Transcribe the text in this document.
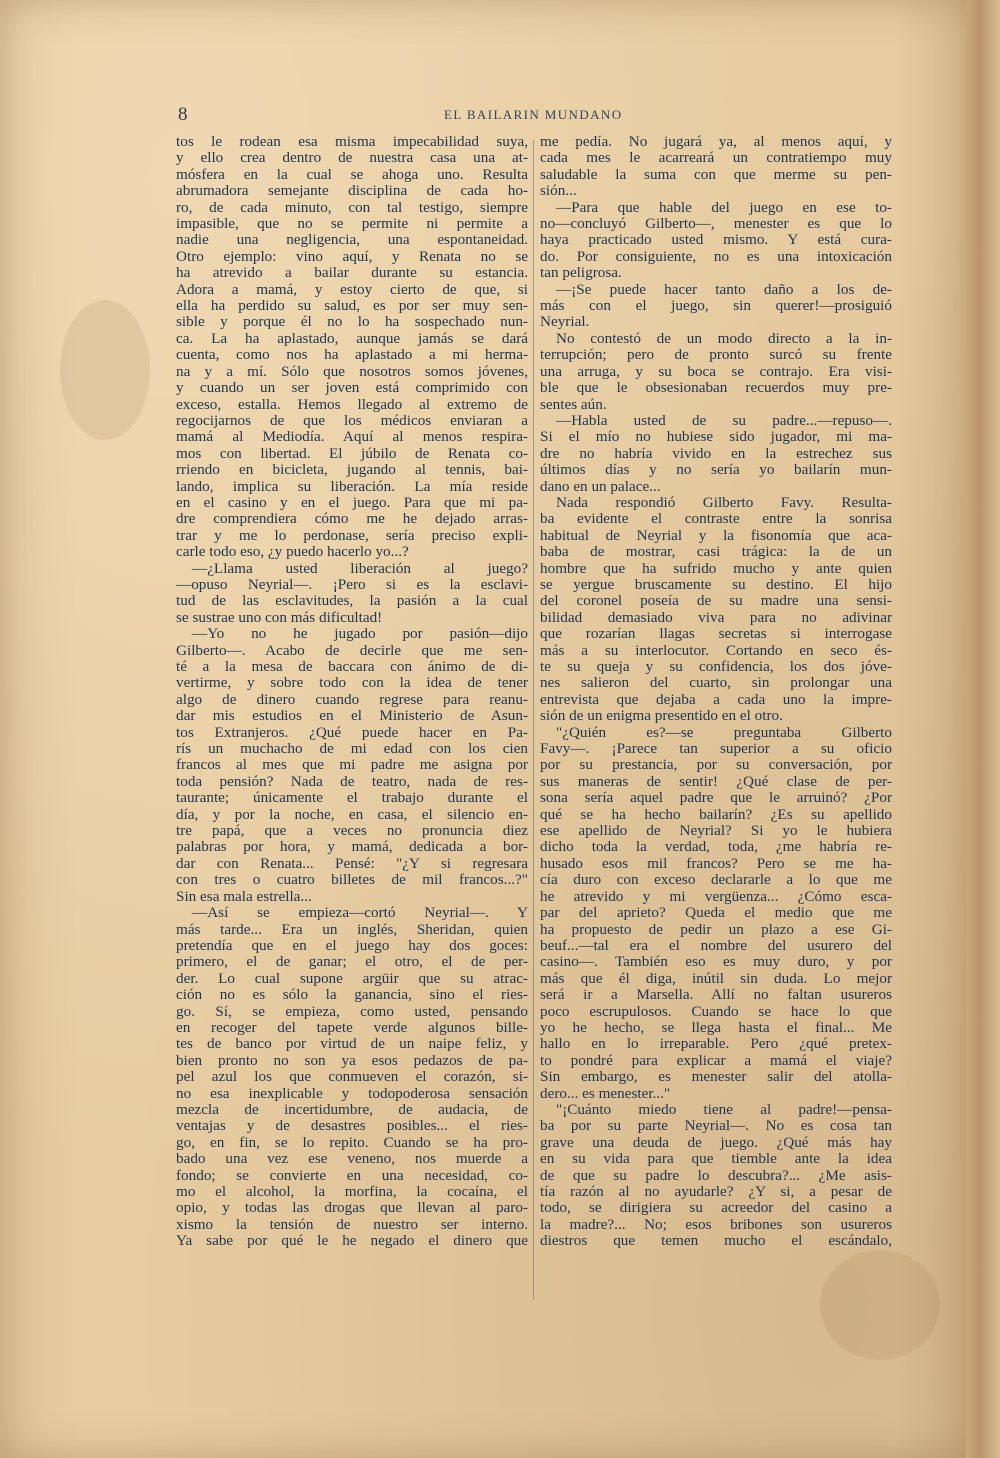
8	EL BAILARIN MUNDANO

tos le rodean esa misma impecabilidad suya,

y ello crea dentro de nuestra casa una at-

mósfera en la cual se ahoga uno. Resulta

abrumadora semejante disciplina de cada ho-

ro, de cada minuto, con tal testigo, siempre

impasible, que no se permite ni permite a

nadie una negligencia, una espontaneidad.

Otro ejemplo: vino aquí, y Renata no se

ha atrevido a bailar durante su estancia.

Adora a mamá, y estoy cierto de que, si

ella ha perdido su salud, es por ser muy sen-

sible y porque él no lo ha sospechado nun-

ca. La ha aplastado, aunque jamás se dará

cuenta, como nos ha aplastado a mi herma-

na y a mí. Sólo que nosotros somos jóvenes,

y cuando un ser joven está comprimido con

exceso, estalla. Hemos llegado al extremo de

regocijarnos de que los médicos enviaran a

mamá al Mediodía. Aquí al menos respira-

mos con libertad. El júbilo de Renata co-

rriendo en bicicleta, jugando al tennis, bai-

lando, implica su liberación. La mía reside

en el casino y en el juego. Para que mi pa-

dre comprendiera cómo me he dejado arras-

trar y me lo perdonase, sería preciso expli-

carle todo eso, ¿y puedo hacerlo yo...?

—¿Llama usted liberación al juego?

—opuso Neyrial—. ¡Pero si es la esclavi-

tud de las esclavitudes, la pasión a la cual

se sustrae uno con más dificultad!

—Yo no he jugado por pasión—dijo

Gilberto—. Acabo de decirle que me sen-

té a la mesa de baccara con ánimo de di-

vertirme, y sobre todo con la idea de tener

algo de dinero cuando regrese para reanu-

dar mis estudios en el Ministerio de Asun-

tos Extranjeros. ¿Qué puede hacer en Pa-

rís un muchacho de mi edad con los cien

francos al mes que mi padre me asigna por

toda pensión? Nada de teatro, nada de res-

taurante; únicamente el trabajo durante el

día, y por la noche, en casa, el silencio en-

tre papá, que a veces no pronuncia diez

palabras por hora, y mamá, dedicada a bor-

dar con Renata... Pensé: "¿Y si regresara

con tres o cuatro billetes de mil francos...?"

Sin esa mala estrella...

—Así se empieza—cortó Neyrial—. Y

más tarde... Era un inglés, Sheridan, quien

pretendía que en el juego hay dos goces:

primero, el de ganar; el otro, el de per-

der. Lo cual supone argüir que su atrac-

ción no es sólo la ganancia, sino el ries-

go. Sí, se empieza, como usted, pensando

en recoger del tapete verde algunos bille-

tes de banco por virtud de un naipe feliz, y

bien pronto no son ya esos pedazos de pa-

pel azul los que conmueven el corazón, si-

no esa inexplicable y todopoderosa sensación

mezcla de incertidumbre, de audacia, de

ventajas y de desastres posibles... el ries-

go, en fin, se lo repito. Cuando se ha pro-

bado una vez ese veneno, nos muerde a

fondo; se convierte en una necesidad, co-

mo el alcohol, la morfina, la cocaína, el

opio, y todas las drogas que llevan al paro-

xismo la tensión de nuestro ser interno.

Ya sabe por qué le he negado el dinero que

me pedía. No jugará ya, al menos aquí, y

cada mes le acarreará un contratiempo muy

saludable la suma con que merme su pen-

sión...

—Para que hable del juego en ese to-

no—concluyó Gilberto—, menester es que lo

haya practicado usted mismo. Y está cura-

do. Por consiguiente, no es una intoxicación

tan peligrosa.

—¡Se puede hacer tanto daño a los de-

más con el juego, sin querer!—prosiguió

Neyrial.

No contestó de un modo directo a la in-

terrupción; pero de pronto surcó su frente

una arruga, y su boca se contrajo. Era visi-

ble que le obsesionaban recuerdos muy pre-

sentes aún.

—Habla usted de su padre...—repuso—.

Si el mío no hubiese sido jugador, mi ma-

dre no habría vivido en la estrechez sus

últimos días y no sería yo bailarín mun-

dano en un palace...

Nada respondió Gilberto Favy. Resulta-

ba evidente el contraste entre la sonrisa

habitual de Neyrial y la fisonomía que aca-

baba de mostrar, casi trágica: la de un

hombre que ha sufrido mucho y ante quien

se yergue bruscamente su destino. El hijo

del coronel poseía de su madre una sensi-

bilidad demasiado viva para no adivinar

que rozarían llagas secretas si interrogase

más a su interlocutor. Cortando en seco és-

te su queja y su confidencia, los dos jóve-

nes salieron del cuarto, sin prolongar una

entrevista que dejaba a cada uno la impre-

sión de un enigma presentido en el otro.

"¿Quién es?—se preguntaba Gilberto

Favy—. ¡Parece tan superior a su oficio

por su prestancia, por su conversación, por

sus maneras de sentir! ¿Qué clase de per-

sona sería aquel padre que le arruinó? ¿Por

qué se ha hecho bailarín? ¿Es su apellido

ese apellido de Neyrial? Si yo le hubiera

dicho toda la verdad, toda, ¿me habría re-

husado esos mil francos? Pero se me ha-

cía duro con exceso declararle a lo que me

he atrevido y mi vergüenza... ¿Cómo esca-

par del aprieto? Queda el medio que me

ha propuesto de pedir un plazo a ese Gi-

beuf...—tal era el nombre del usurero del

casino—. También eso es muy duro, y por

más que él diga, inútil sin duda. Lo mejor

será ir a Marsella. Allí no faltan usureros

poco escrupulosos. Cuando se hace lo que

yo he hecho, se llega hasta el final... Me

hallo en lo irreparable. Pero ¿qué pretex-

to pondré para explicar a mamá el viaje?

Sin embargo, es menester salir del atolla-

dero... es menester..."

"¡Cuánto miedo tiene al padre!—pensa-

ba por su parte Neyrial—. No es cosa tan

grave una deuda de juego. ¿Qué más hay

en su vida para que tiemble ante la idea

de que su padre lo descubra?... ¿Me asis-

tía razón al no ayudarle? ¿Y si, a pesar de

todo, se dirigiera su acreedor del casino a

la madre?... No; esos bribones son usureros

diestros que temen mucho el escándalo,
